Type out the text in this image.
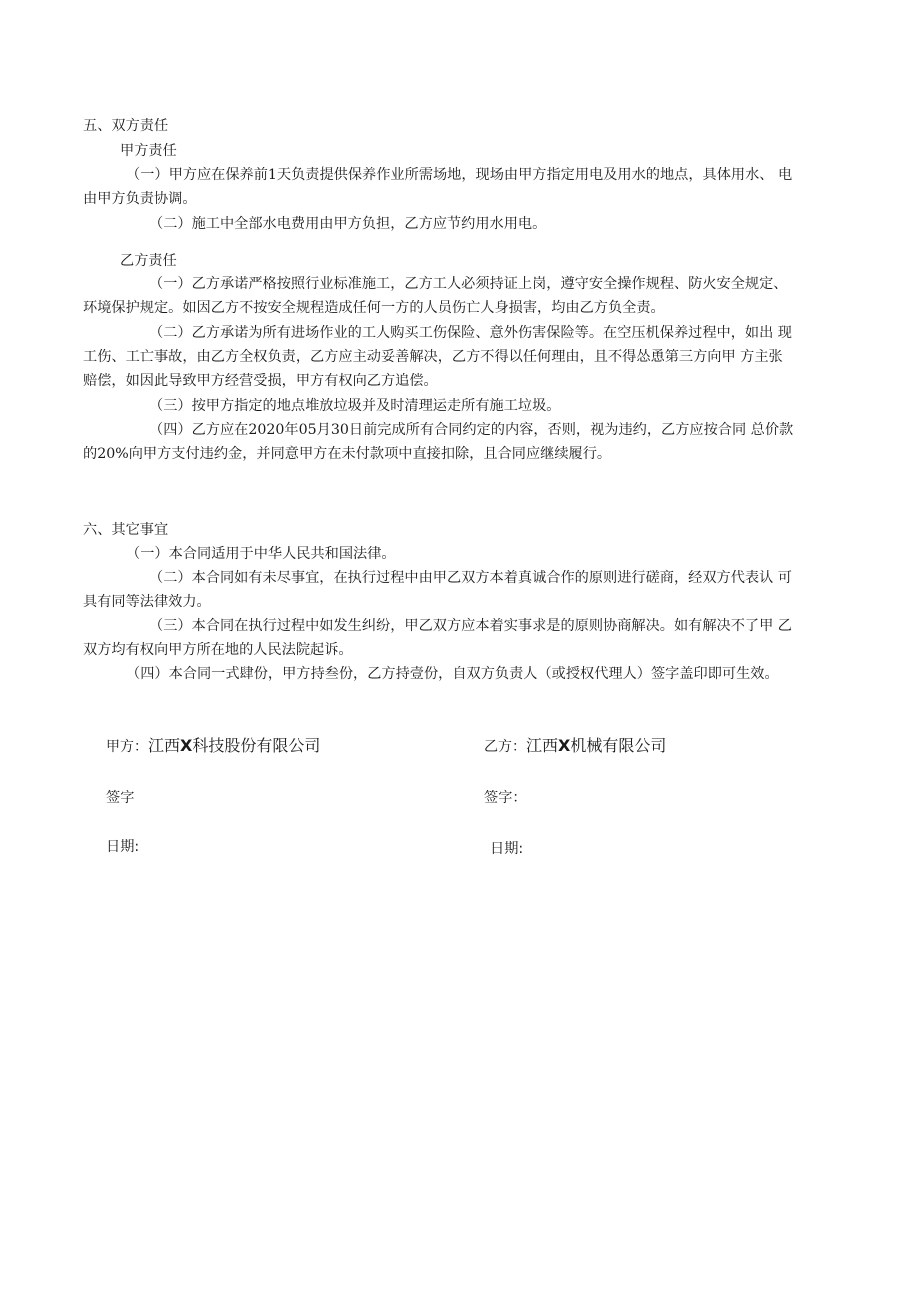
五、双方责任
甲方责任
（一）甲方应在保养前1天负责提供保养作业所需场地，现场由甲方指定用电及用水的地点，具体用水、 电
由甲方负责协调。
（二）施工中全部水电费用由甲方负担，乙方应节约用水用电。
乙方责任
（一）乙方承诺严格按照行业标准施工，乙方工人必须持证上岗，遵守安全操作规程、防火安全规定、
环境保护规定。如因乙方不按安全规程造成任何一方的人员伤亡人身损害，均由乙方负全责。
（二）乙方承诺为所有进场作业的工人购买工伤保险、意外伤害保险等。在空压机保养过程中，如出 现
工伤、工亡事故，由乙方全权负责，乙方应主动妥善解决，乙方不得以任何理由，且不得怂恿第三方向甲 方主张
赔偿，如因此导致甲方经营受损，甲方有权向乙方追偿。
（三）按甲方指定的地点堆放垃圾并及时清理运走所有施工垃圾。
（四）乙方应在2020年05月30日前完成所有合同约定的内容，否则，视为违约，乙方应按合同 总价款
的20%向甲方支付违约金，并同意甲方在未付款项中直接扣除，且合同应继续履行。
六、其它事宜
（一）本合同适用于中华人民共和国法律。
（二）本合同如有未尽事宜，在执行过程中由甲乙双方本着真诚合作的原则进行磋商，经双方代表认 可
具有同等法律效力。
（三）本合同在执行过程中如发生纠纷，甲乙双方应本着实事求是的原则协商解决。如有解决不了甲 乙
双方均有权向甲方所在地的人民法院起诉。
（四）本合同一式肆份，甲方持叁份，乙方持壹份，自双方负责人（或授权代理人）签字盖印即可生效。
甲方：江西X科技股份有限公司
签字
日期:
乙方：江西X机械有限公司
签字：
日期:
